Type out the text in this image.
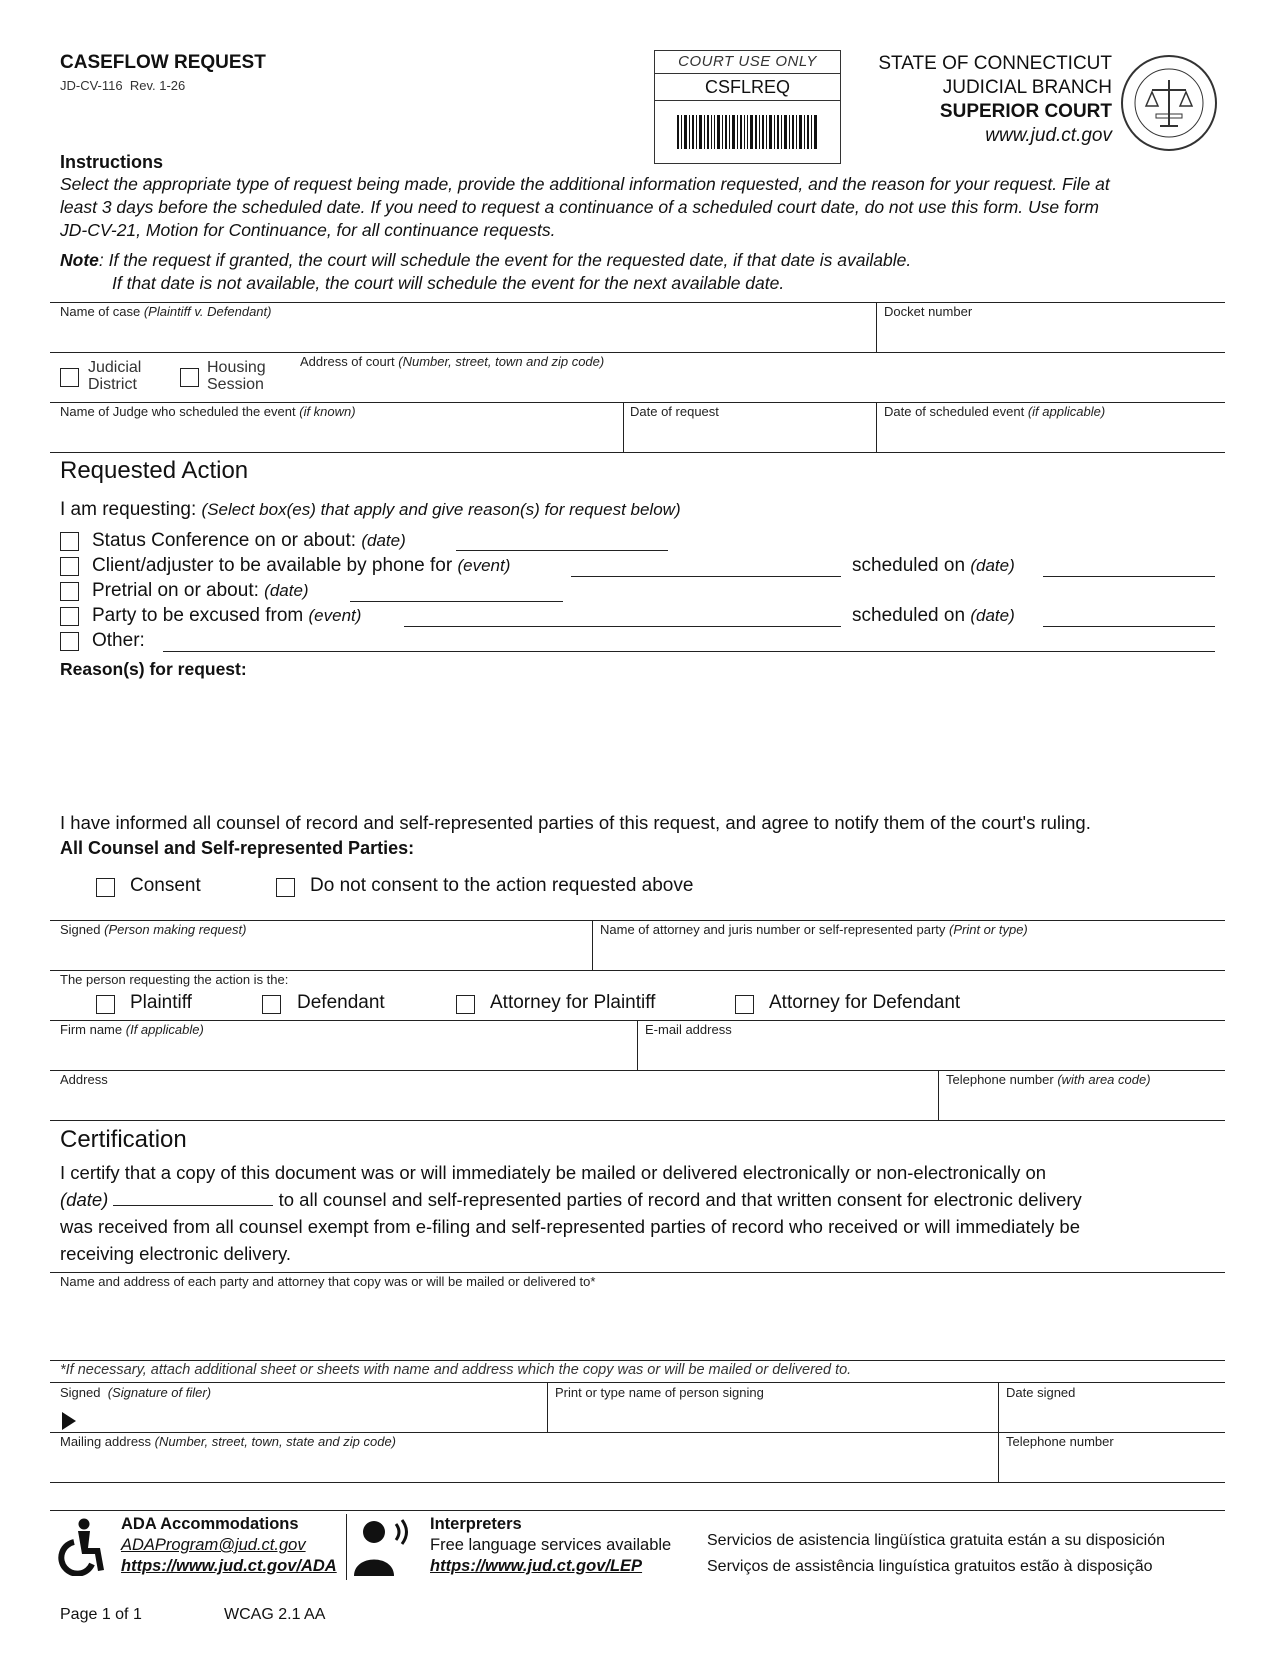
CASEFLOW REQUEST
JD-CV-116 Rev. 1-26
COURT USE ONLY
CSFLREQ
STATE OF CONNECTICUT
JUDICIAL BRANCH
SUPERIOR COURT
www.jud.ct.gov
Instructions
Select the appropriate type of request being made, provide the additional information requested, and the reason for your request. File at
least 3 days before the scheduled date. If you need to request a continuance of a scheduled court date, do not use this form. Use form
JD-CV-21, Motion for Continuance, for all continuance requests.
Note: If the request if granted, the court will schedule the event for the requested date, if that date is available.
If that date is not available, the court will schedule the event for the next available date.
Name of case (Plaintiff v. Defendant)	Docket number
Judicial
District
Housing
Session
Address of court (Number, street, town and zip code)
Name of Judge who scheduled the event (if known)	Date of request	Date of scheduled event (if applicable)
Requested Action
I am requesting: (Select box(es) that apply and give reason(s) for request below)
Status Conference on or about: (date)
Client/adjuster to be available by phone for (event)	scheduled on (date)
Pretrial on or about: (date)
Party to be excused from (event)	scheduled on (date)
Other:
Reason(s) for request:
I have informed all counsel of record and self-represented parties of this request, and agree to notify them of the court's ruling.
All Counsel and Self-represented Parties:
Consent	Do not consent to the action requested above
Signed (Person making request)	Name of attorney and juris number or self-represented party (Print or type)
The person requesting the action is the:
Plaintiff	Defendant	Attorney for Plaintiff	Attorney for Defendant
Firm name (If applicable)	E-mail address
Address	Telephone number (with area code)
Certification
I certify that a copy of this document was or will immediately be mailed or delivered electronically or non-electronically on
(date)	to all counsel and self-represented parties of record and that written consent for electronic delivery
was received from all counsel exempt from e-filing and self-represented parties of record who received or will immediately be
receiving electronic delivery.
Name and address of each party and attorney that copy was or will be mailed or delivered to*
*If necessary, attach additional sheet or sheets with name and address which the copy was or will be mailed or delivered to.
Signed (Signature of filer)	Print or type name of person signing	Date signed
Mailing address (Number, street, town, state and zip code)	Telephone number
ADA Accommodations
ADAProgram@jud.ct.gov
https://www.jud.ct.gov/ADA
Interpreters
Free language services available
https://www.jud.ct.gov/LEP
Servicios de asistencia lingüística gratuita están a su disposición
Serviços de assistência linguística gratuitos estão à disposição
Page 1 of 1	WCAG 2.1 AA
